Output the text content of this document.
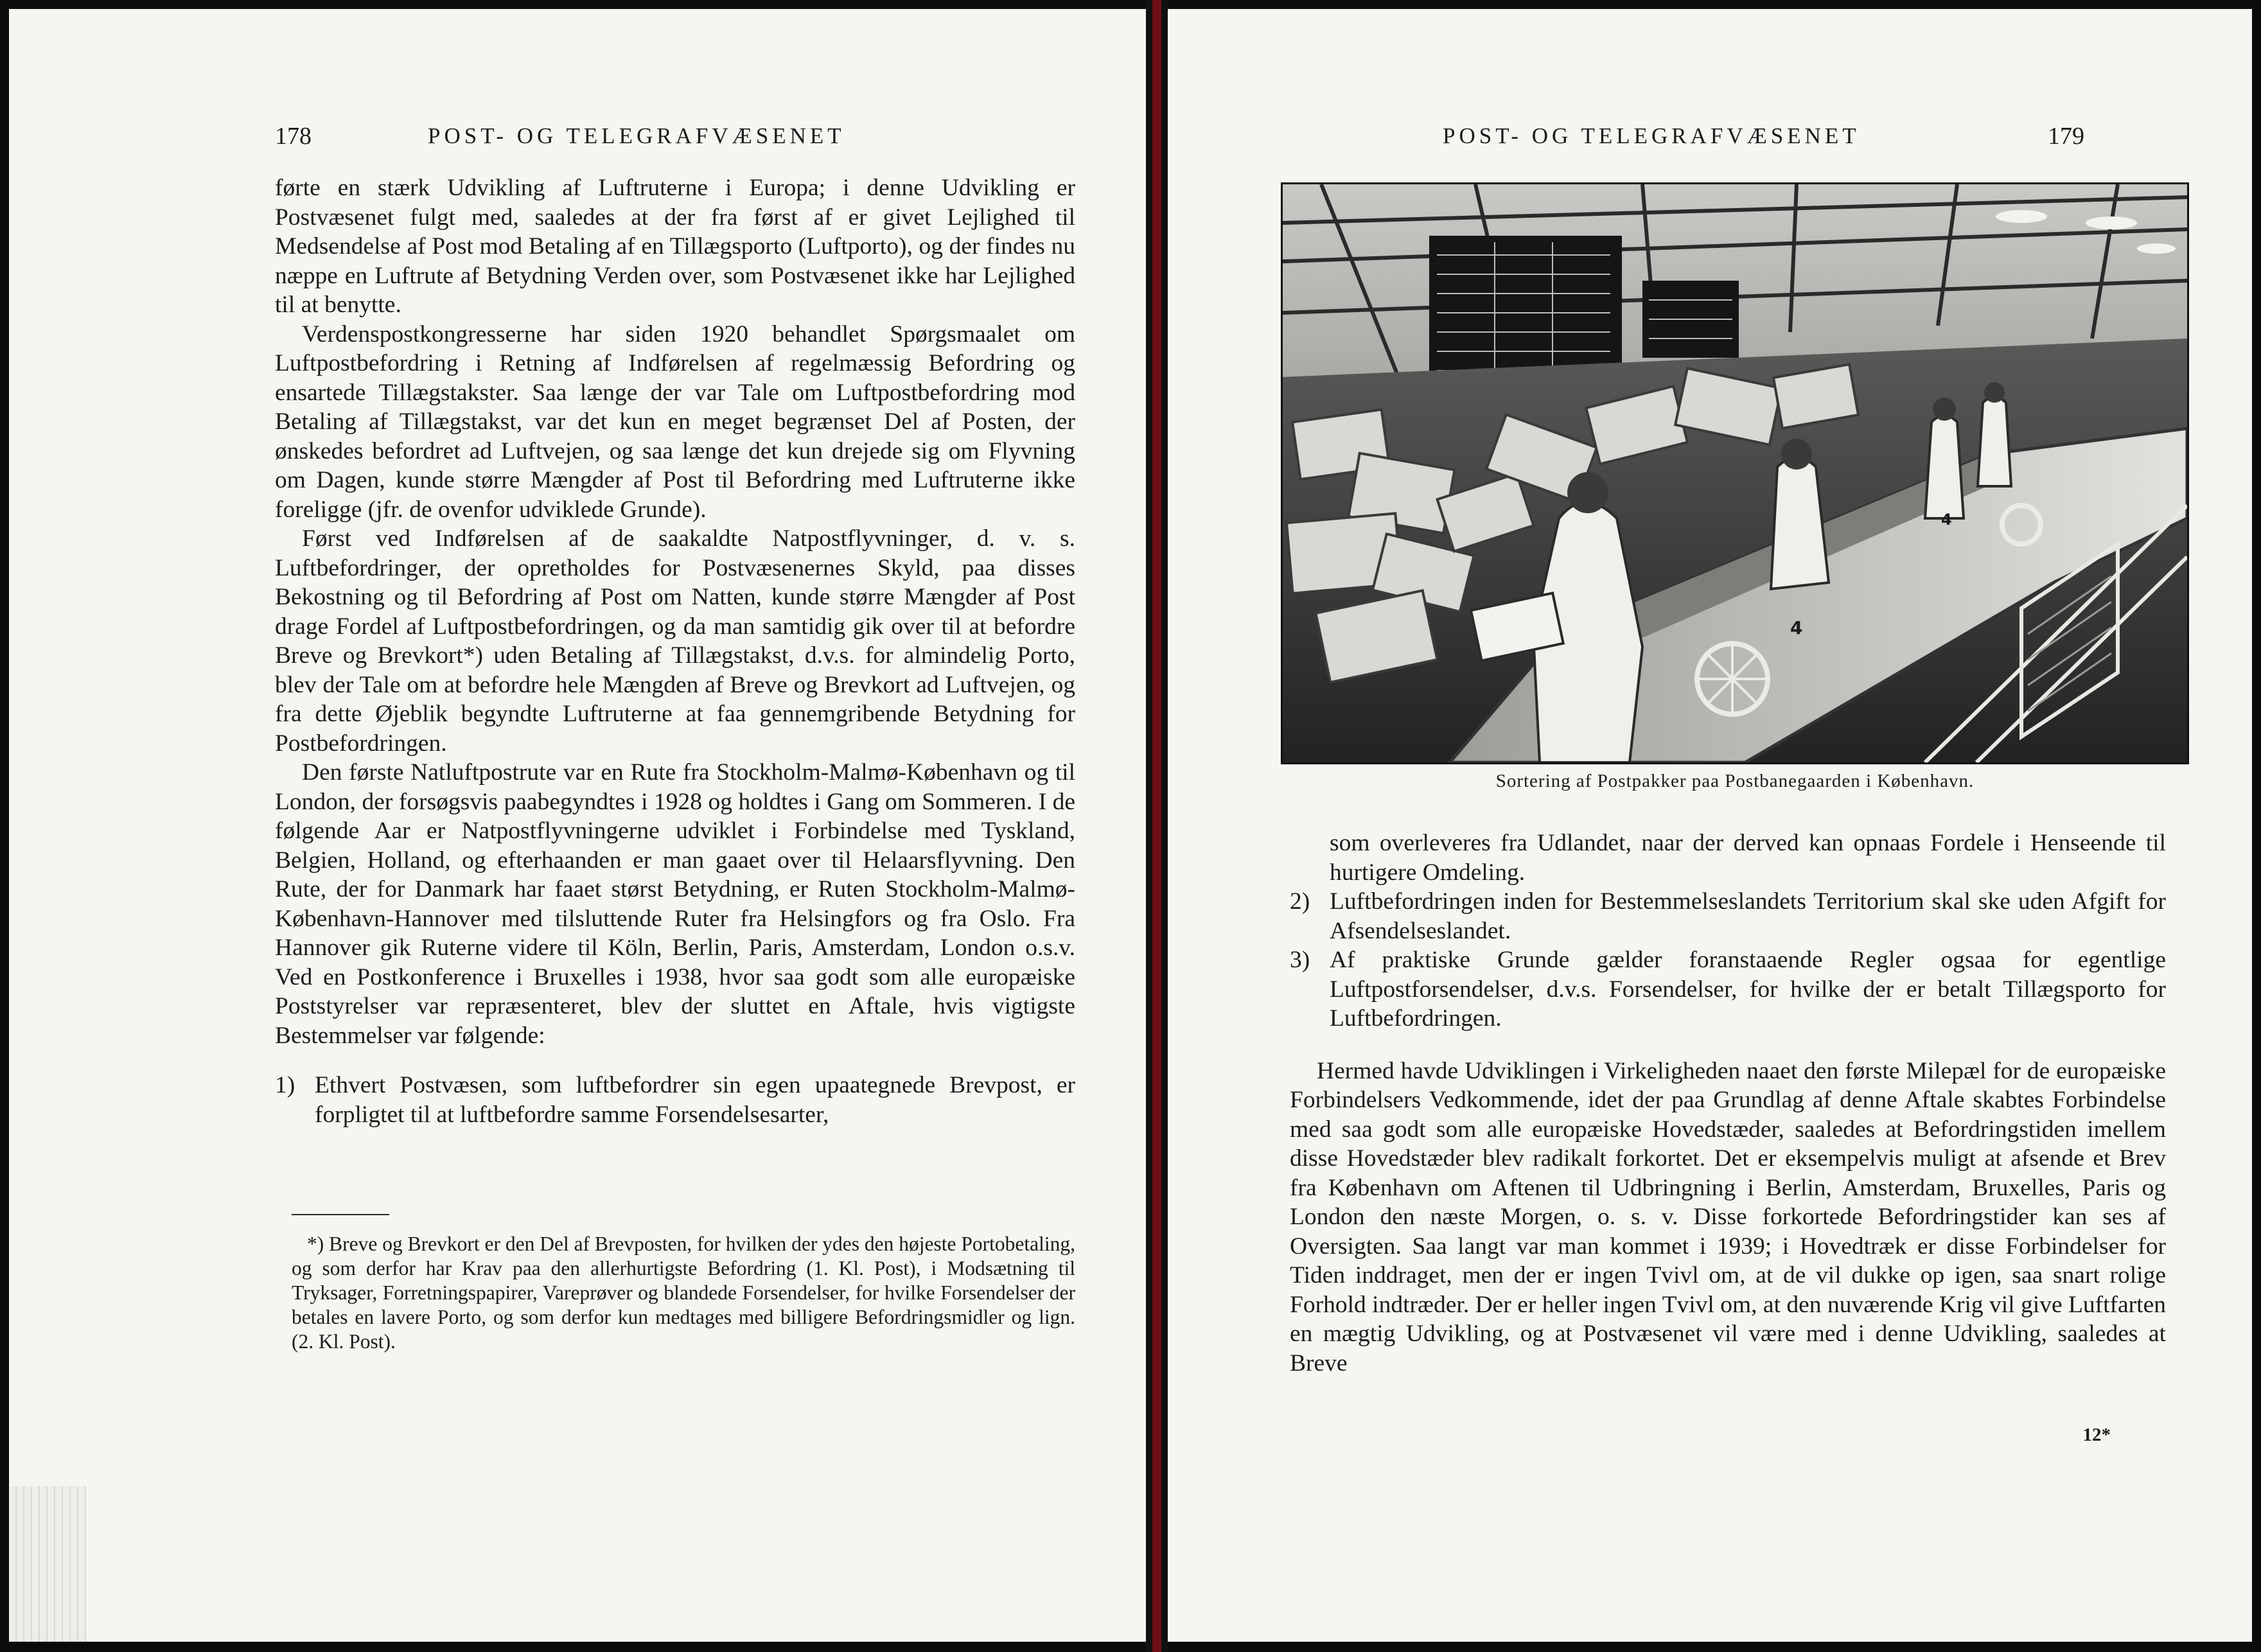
178	POST- OG TELEGRAFVÆSENET

førte en stærk Udvikling af Luftruterne i Europa; i denne Udvikling er Postvæsenet fulgt med, saaledes at der fra først af er givet Lejlighed til Medsendelse af Post mod Betaling af en Tillægsporto (Luftporto), og der findes nu næppe en Luftrute af Betydning Verden over, som Postvæsenet ikke har Lejlighed til at benytte.

Verdenspostkongresserne har siden 1920 behandlet Spørgsmaalet om Luftpostbefordring i Retning af Indførelsen af regelmæssig Befordring og ensartede Tillægstakster. Saa længe der var Tale om Luftpostbefordring mod Betaling af Tillægstakst, var det kun en meget begrænset Del af Posten, der ønskedes befordret ad Luftvejen, og saa længe det kun drejede sig om Flyvning om Dagen, kunde større Mængder af Post til Befordring med Luftruterne ikke foreligge (jfr. de ovenfor udviklede Grunde).

Først ved Indførelsen af de saakaldte Natpostflyvninger, d. v. s. Luftbefordringer, der opretholdes for Postvæsenernes Skyld, paa disses Bekostning og til Befordring af Post om Natten, kunde større Mængder af Post drage Fordel af Luftpostbefordringen, og da man samtidig gik over til at befordre Breve og Brevkort*) uden Betaling af Tillægstakst, d.v.s. for almindelig Porto, blev der Tale om at befordre hele Mængden af Breve og Brevkort ad Luftvejen, og fra dette Øjeblik begyndte Luftruterne at faa gennemgribende Betydning for Postbefordringen.

Den første Natluftpostrute var en Rute fra Stockholm-Malmø-København og til London, der forsøgsvis paabegyndtes i 1928 og holdtes i Gang om Sommeren. I de følgende Aar er Natpostflyvningerne udviklet i Forbindelse med Tyskland, Belgien, Holland, og efterhaanden er man gaaet over til Helaarsflyvning. Den Rute, der for Danmark har faaet størst Betydning, er Ruten Stockholm-Malmø-København-Hannover med tilsluttende Ruter fra Helsingfors og fra Oslo. Fra Hannover gik Ruterne videre til Köln, Berlin, Paris, Amsterdam, London o.s.v. Ved en Postkonference i Bruxelles i 1938, hvor saa godt som alle europæiske Poststyrelser var repræsenteret, blev der sluttet en Aftale, hvis vigtigste Bestemmelser var følgende:

1) Ethvert Postvæsen, som luftbefordrer sin egen upaategnede Brevpost, er forpligtet til at luftbefordre samme Forsendelsesarter,

*) Breve og Brevkort er den Del af Brevposten, for hvilken der ydes den højeste Portobetaling, og som derfor har Krav paa den allerhurtigste Befordring (1. Kl. Post), i Modsætning til Tryksager, Forretningspapirer, Vareprøver og blandede Forsendelser, for hvilke Forsendelser der betales en lavere Porto, og som derfor kun medtages med billigere Befordringsmidler og lign. (2. Kl. Post).

POST- OG TELEGRAFVÆSENET	179
4
4
Sortering af Postpakker paa Postbanegaarden i København.
som overleveres fra Udlandet, naar der derved kan opnaas Fordele i Henseende til hurtigere Omdeling.
2) Luftbefordringen inden for Bestemmelseslandets Territorium skal ske uden Afgift for Afsendelseslandet.
3) Af praktiske Grunde gælder foranstaaende Regler ogsaa for egentlige Luftpostforsendelser, d.v.s. Forsendelser, for hvilke der er betalt Tillægsporto for Luftbefordringen.

Hermed havde Udviklingen i Virkeligheden naaet den første Milepæl for de europæiske Forbindelsers Vedkommende, idet der paa Grundlag af denne Aftale skabtes Forbindelse med saa godt som alle europæiske Hovedstæder, saaledes at Befordringstiden imellem disse Hovedstæder blev radikalt forkortet. Det er eksempelvis muligt at afsende et Brev fra København om Aftenen til Udbringning i Berlin, Amsterdam, Bruxelles, Paris og London den næste Morgen, o. s. v. Disse forkortede Befordringstider kan ses af Oversigten. Saa langt var man kommet i 1939; i Hovedtræk er disse Forbindelser for Tiden inddraget, men der er ingen Tvivl om, at de vil dukke op igen, saa snart rolige Forhold indtræder. Der er heller ingen Tvivl om, at den nuværende Krig vil give Luftfarten en mægtig Udvikling, og at Postvæsenet vil være med i denne Udvikling, saaledes at Breve

12*
